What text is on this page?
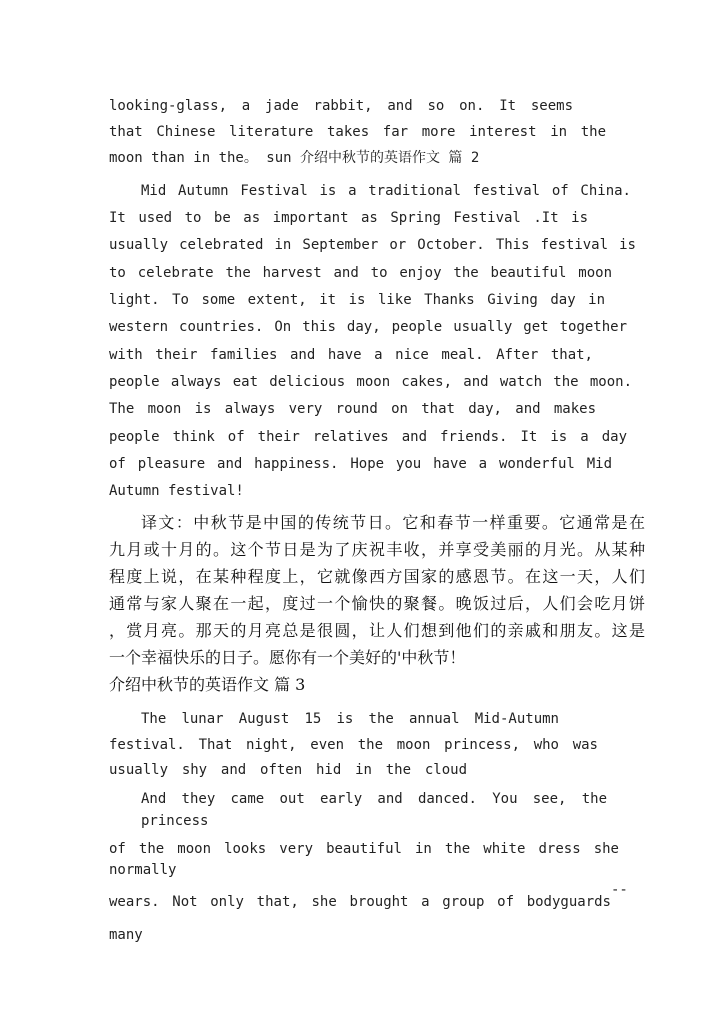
looking-glass, a jade rabbit, and so on. It seems
that Chinese literature takes far more interest in the
moon than in the。 sun 介绍中秋节的英语作文 篇 2
Mid Autumn Festival is a traditional festival of China.
It used to be as important as Spring Festival .It is
usually celebrated in September or October. This festival is
to celebrate the harvest and to enjoy the beautiful moon
light. To some extent, it is like Thanks Giving day in
western countries. On this day, people usually get together
with their families and have a nice meal. After that,
people always eat delicious moon cakes, and watch the moon.
The moon is always very round on that day, and makes
people think of their relatives and friends. It is a day
of pleasure and happiness. Hope you have a wonderful Mid
Autumn festival!
译文：中秋节是中国的传统节日。它和春节一样重要。它通常是在
九月或十月的。这个节日是为了庆祝丰收，并享受美丽的月光。从某种
程度上说，在某种程度上，它就像西方国家的感恩节。在这一天，人们
通常与家人聚在一起，度过一个愉快的聚餐。晚饭过后，人们会吃月饼
，赏月亮。那天的月亮总是很圆，让人们想到他们的亲戚和朋友。这是
一个幸福快乐的日子。愿你有一个美好的'中秋节！
介绍中秋节的英语作文 篇 3
The lunar August 15 is the annual Mid-Autumn
festival. That night, even the moon princess, who was
usually shy and often hid in the cloud
And they came out early and danced. You see, the
princess
of the moon looks very beautiful in the white dress she
normally
wears. Not only that, she brought a group of bodyguards
--
many
